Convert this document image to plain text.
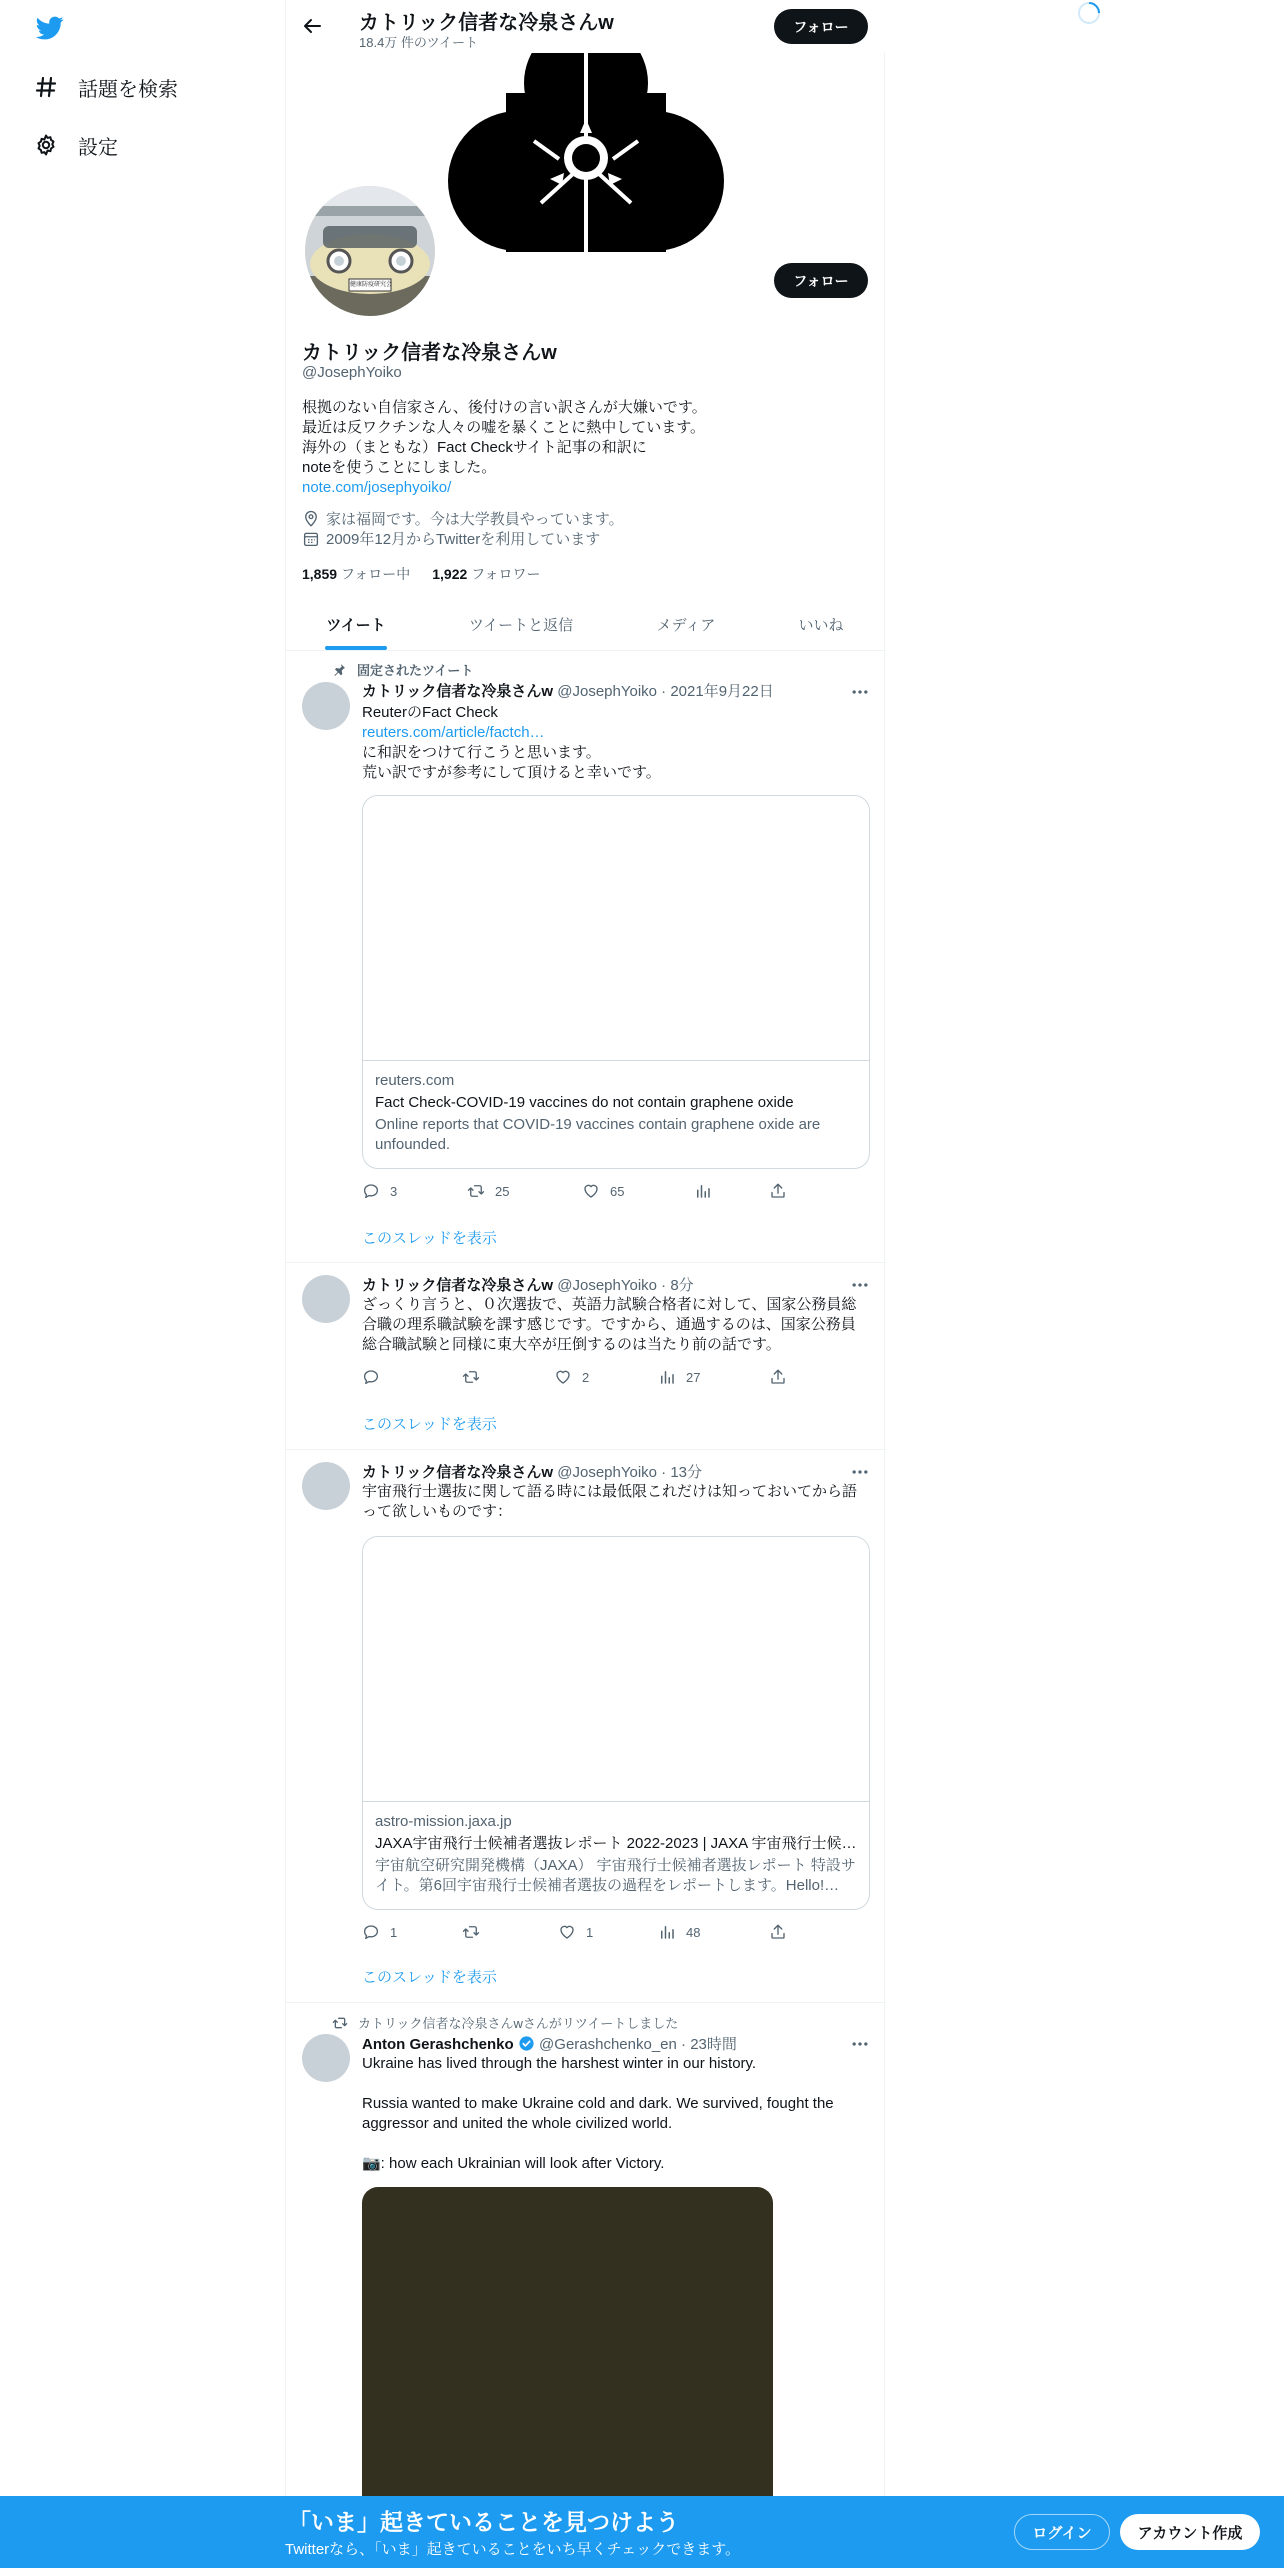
話題を検索
設定
カトリック信者な冷泉さんw
18.4万 件のツイート
フォロー
健康防疫研究会	フォロー
カトリック信者な冷泉さんw
@JosephYoiko
根拠のない自信家さん、後付けの言い訳さんが大嫌いです。
最近は反ワクチンな人々の嘘を暴くことに熱中しています。
海外の（まともな）Fact Checkサイト記事の和訳に
noteを使うことにしました。
note.com/josephyoiko/
家は福岡です。今は大学教員やっています。
2009年12月からTwitterを利用しています
1,859 フォロー中 1,922 フォロワー
ツイート	ツイートと返信	メディア	いいね
固定されたツイート
カトリック信者な冷泉さんw @JosephYoiko · 2021年9月22日
ReuterのFact Check
reuters.com/article/factch…
に和訳をつけて行こうと思います。
荒い訳ですが参考にして頂けると幸いです。
reuters.com
Fact Check-COVID-19 vaccines do not contain graphene oxide
Online reports that COVID-19 vaccines contain graphene oxide are unfounded.
3	25	65
このスレッドを表示
カトリック信者な冷泉さんw @JosephYoiko · 8分
ざっくり言うと、０次選抜で、英語力試験合格者に対して、国家公務員総
合職の理系職試験を課す感じです。ですから、通過するのは、国家公務員
総合職試験と同様に東大卒が圧倒するのは当たり前の話です。
2	27
このスレッドを表示
カトリック信者な冷泉さんw @JosephYoiko · 13分
宇宙飛行士選抜に関して語る時には最低限これだけは知っておいてから語
って欲しいものです：
astro-mission.jaxa.jp
JAXA宇宙飛行士候補者選抜レポート 2022-2023 | JAXA 宇宙飛行士候…
宇宙航空研究開発機構（JAXA） 宇宙飛行士候補者選抜レポート 特設サイト。第6回宇宙飛行士候補者選抜の過程をレポートします。Hello!…
1	1	48
このスレッドを表示
カトリック信者な冷泉さんwさんがリツイートしました
Anton Gerashchenko @Gerashchenko_en · 23時間
Ukraine has lived through the harshest winter in our history.
Russia wanted to make Ukraine cold and dark. We survived, fought the
aggressor and united the whole civilized world.
📷: how each Ukrainian will look after Victory.
「いま」起きていることを見つけよう
Twitterなら、「いま」起きていることをいち早くチェックできます。
ログイン	アカウント作成
